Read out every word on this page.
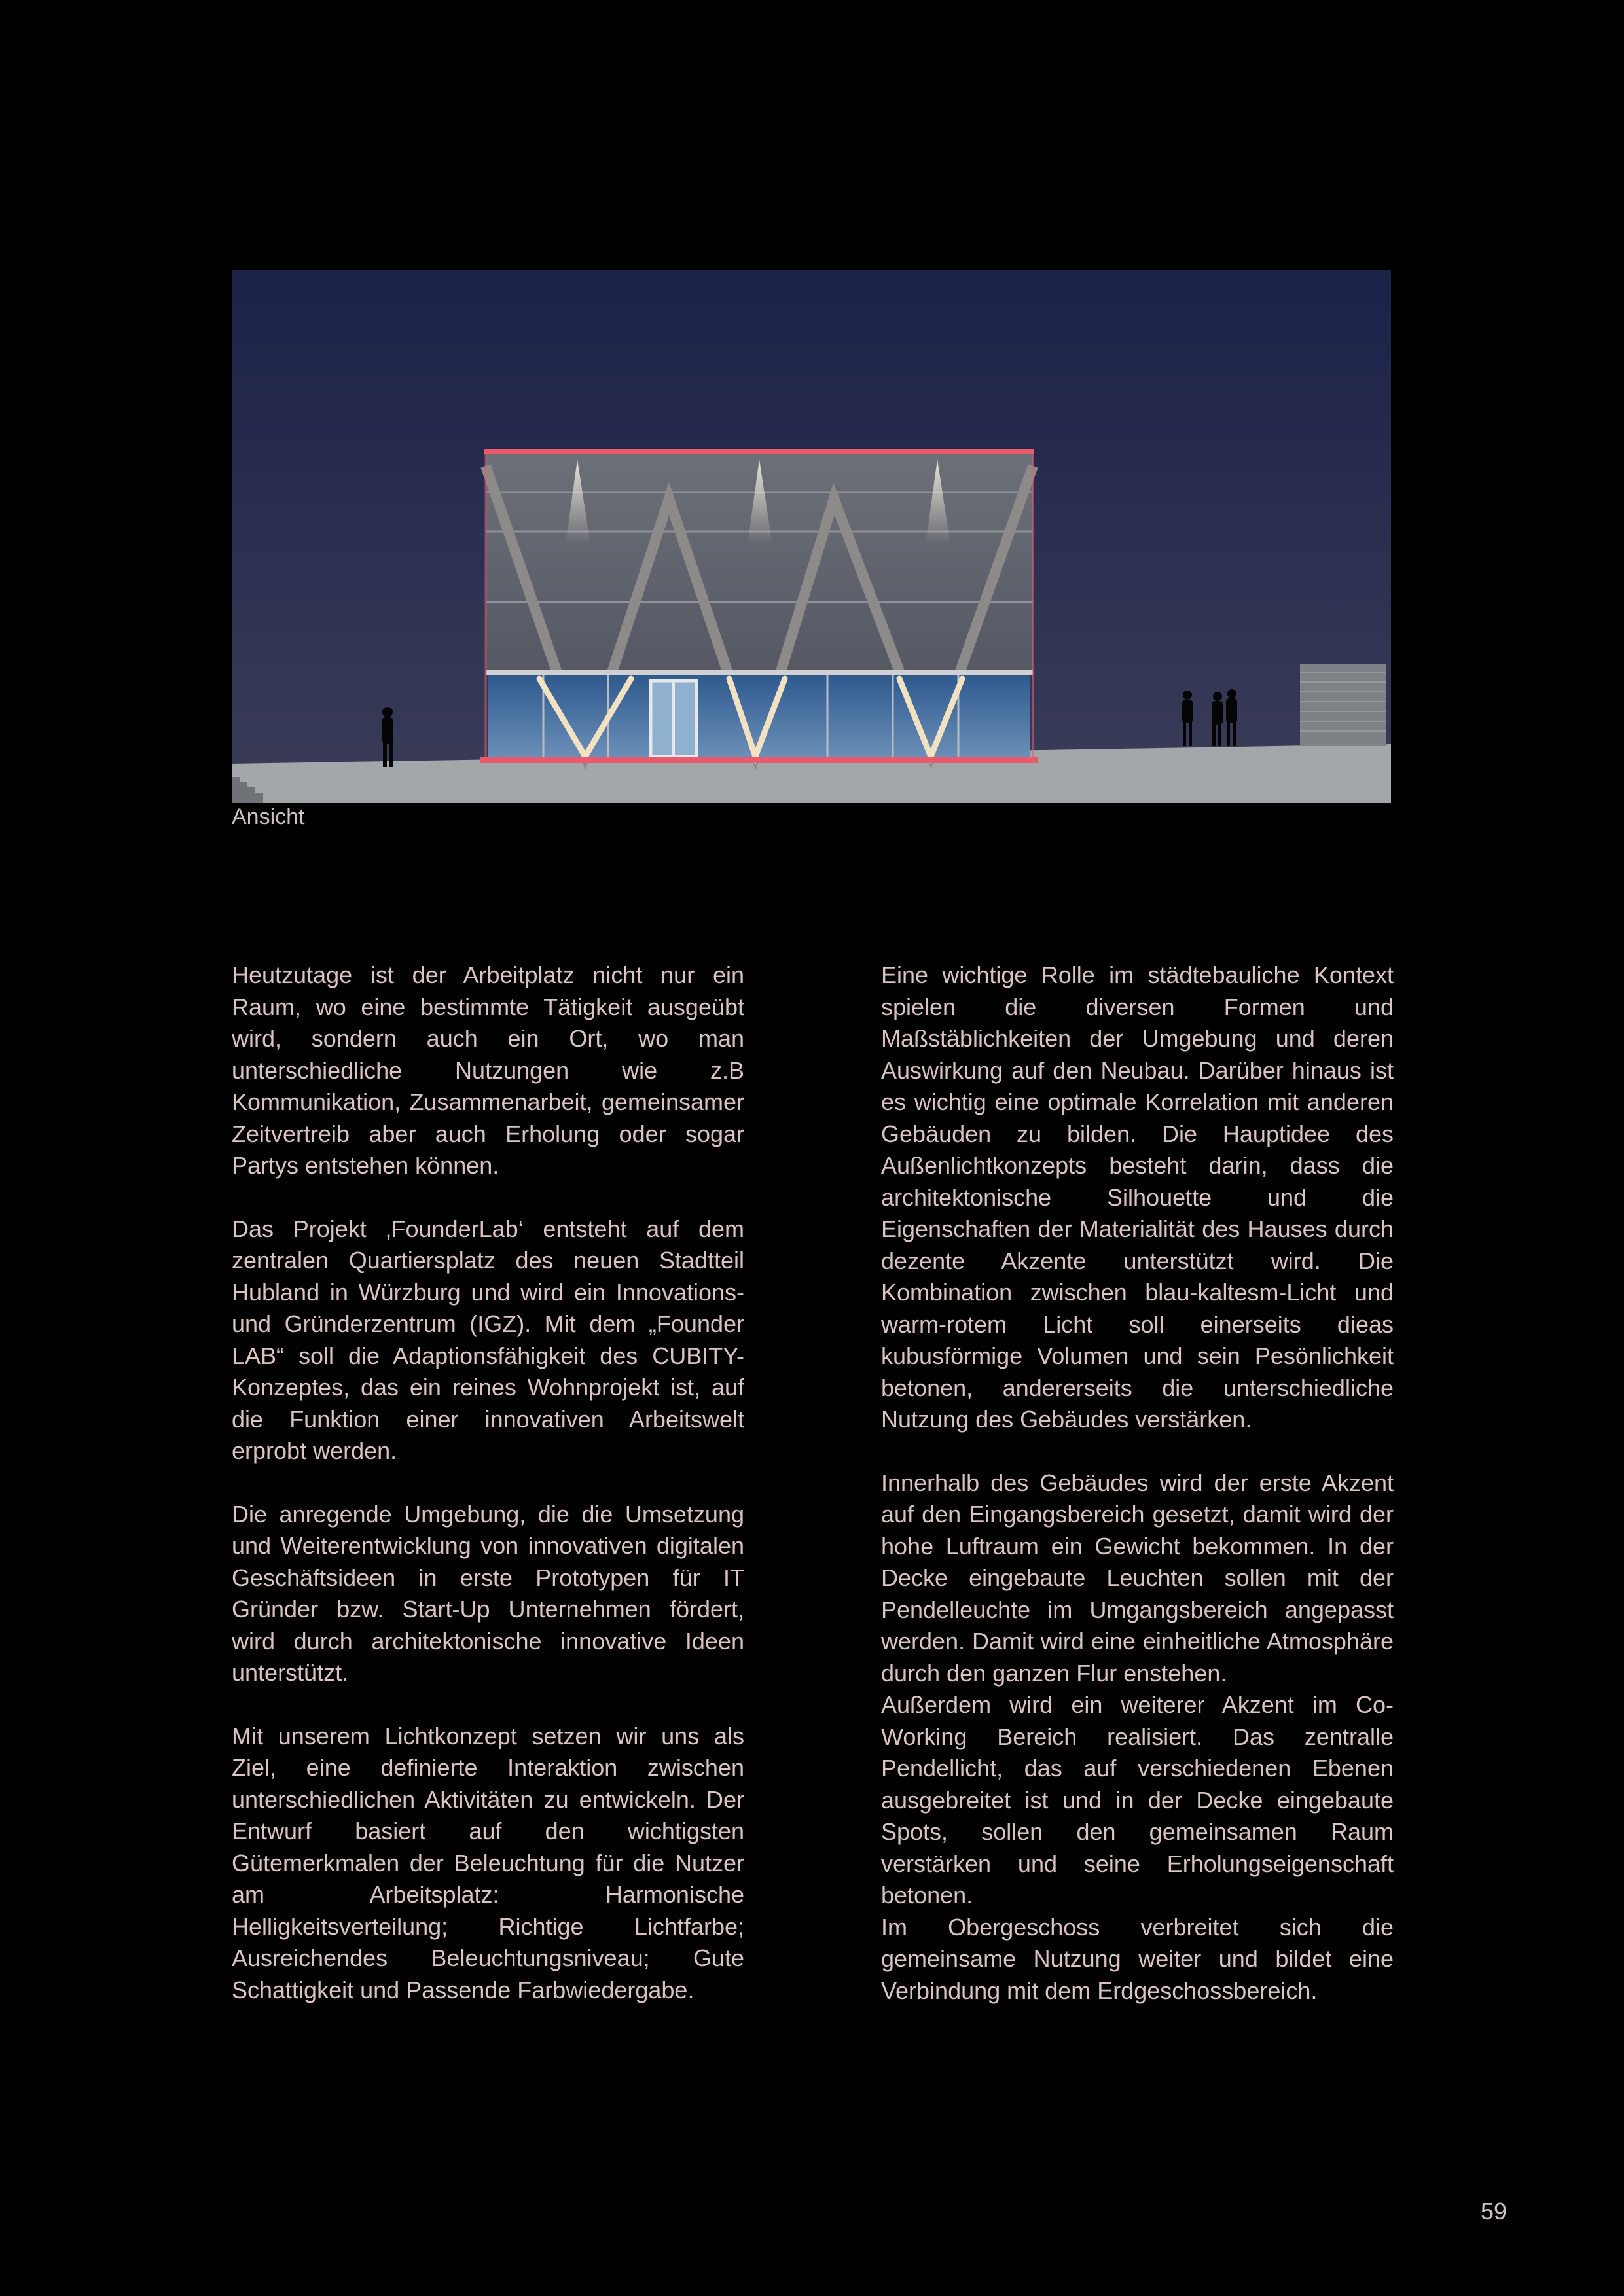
Ansicht

Heutzutage ist der Arbeitplatz nicht nur ein Raum, wo eine bestimmte Tätigkeit ausgeübt wird, sondern auch ein Ort, wo man unterschiedliche Nutzungen wie z.B Kommunikation, Zusammenarbeit, gemeinsamer Zeitvertreib aber auch Erholung oder sogar Partys entstehen können.

Das Projekt ‚FounderLab‘ entsteht auf dem zentralen Quartiersplatz des neuen Stadtteil Hubland in Würzburg und wird ein Innovations- und Gründerzentrum (IGZ). Mit dem „Founder LAB“ soll die Adaptionsfähigkeit des CUBITY-Konzeptes, das ein reines Wohnprojekt ist, auf die Funktion einer innovativen Arbeitswelt erprobt werden.

Die anregende Umgebung, die die Umsetzung und Weiterentwicklung von innovativen digitalen Geschäftsideen in erste Prototypen für IT Gründer bzw. Start-Up Unternehmen fördert, wird durch architektonische innovative Ideen unterstützt.

Mit unserem Lichtkonzept setzen wir uns als Ziel, eine definierte Interaktion zwischen unterschiedlichen Aktivitäten zu entwickeln. Der Entwurf basiert auf den wichtigsten Gütemerkmalen der Beleuchtung für die Nutzer am Arbeitsplatz: Harmonische Helligkeitsverteilung; Richtige Lichtfarbe; Ausreichendes Beleuchtungsniveau; Gute Schattigkeit und Passende Farbwiedergabe.

Eine wichtige Rolle im städtebauliche Kontext spielen die diversen Formen und Maßstäblichkeiten der Umgebung und deren Auswirkung auf den Neubau. Darüber hinaus ist es wichtig eine optimale Korrelation mit anderen Gebäuden zu bilden. Die Hauptidee des Außenlichtkonzepts besteht darin, dass die architektonische Silhouette und die Eigenschaften der Materialität des Hauses durch dezente Akzente unterstützt wird. Die Kombination zwischen blau-kaltesm-Licht und warm-rotem Licht soll einerseits dieas kubusförmige Volumen und sein Pesönlichkeit betonen, andererseits die unterschiedliche Nutzung des Gebäudes verstärken.

Innerhalb des Gebäudes wird der erste Akzent auf den Eingangsbereich gesetzt, damit wird der hohe Luftraum ein Gewicht bekommen. In der Decke eingebaute Leuchten sollen mit der Pendelleuchte im Umgangsbereich angepasst werden. Damit wird eine einheitliche Atmosphäre durch den ganzen Flur enstehen.

Außerdem wird ein weiterer Akzent im Co-Working Bereich realisiert. Das zentralle Pendellicht, das auf verschiedenen Ebenen ausgebreitet ist und in der Decke eingebaute Spots, sollen den gemeinsamen Raum verstärken und seine Erholungseigenschaft betonen.

Im Obergeschoss verbreitet sich die gemeinsame Nutzung weiter und bildet eine Verbindung mit dem Erdgeschossbereich.

59
